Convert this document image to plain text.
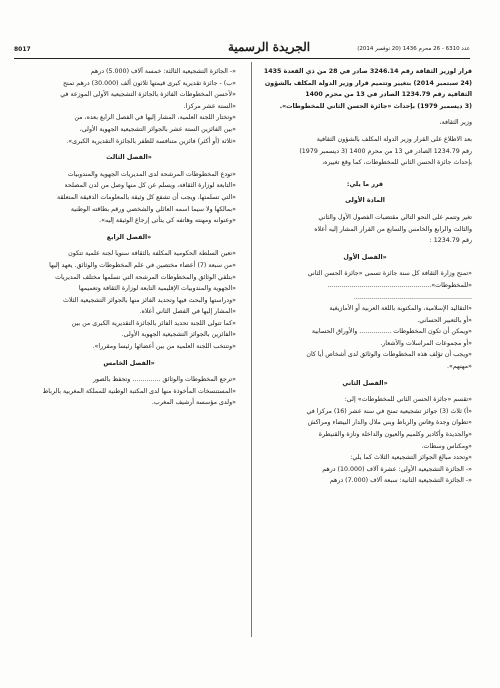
8017	الجريدة الرسمية	عدد 6310 - 26 محرم 1436 (20 نوفمبر 2014)
قرار لوزير الثقافة رقم 3246.14 صادر في 28 من ذي القعدة 1435
(24 سبتمبر 2014) بتغيير وتتميم قرار وزير الدولة المكلف بالشؤون
الثقافية رقم 1234.79 الصادر في 13 من محرم 1400
(3 ديسمبر 1979) بإحداث «جائزة الحسن الثاني للمخطوطات».
وزير الثقافة،
بعد الاطلاع على القرار وزير الدولة المكلف بالشؤون الثقافية
رقم 1234.79 الصادر في 13 من محرم 1400 (3 ديسمبر 1979)
بإحداث جائزة الحسن الثاني للمخطوطات، كما وقع تغييره،
قرر ما يلي:
المادة الأولى
تغير وتتمم على النحو التالي مقتضيات الفصول الأول والثاني
والثالث والرابع والخامس والسابع من القرار المشار إليه أعلاه
رقم 1234.79 :
«الفصل الأول
«تمنح وزارة الثقافة كل سنة جائزة تسمى «جائزة الحسن الثاني
«للمخطوطات»....................................................
...........................................................
«التقاليد الإسلامية، والمكتوبة باللغة العربية أو الأمازيغية
«أو بالتعبير الحساني.
«ويمكن أن تكون المخطوطات ................ والأوراق الحسابية
«أو مجموعات المراسلات والأشعار.
«ويجب أن تؤلف هذه المخطوطات والوثائق لدى أشخاص أيا كان
«مهنهم».
«الفصل الثاني
«تقسم «جائزة الحسن الثاني للمخطوطات» إلى:
«أ) ثلاث (3) جوائز تشجيعية تمنح في سنة عشر (16) مركزا في
«تطوان وجدة وفاس والرباط وبني ملال والدار البيضاء ومراكش
«والجديدة وأكادير وكلميم والعيون والداخلة وتازة والقنيطرة
«ومكناس وسطات.
«وتحدد مبالغ الجوائز التشجيعية الثلاث كما يلي:
«- الجائزة التشجيعية الأولى: عشرة آلاف (10.000) درهم
«- الجائزة التشجيعية الثانية: سبعة آلاف (7.000) درهم
«- الجائزة التشجيعية الثالثة: خمسة آلاف (5.000) درهم
«ب) - جائزة تقديرية كبرى قيمتها ثلاثون ألف (30.000) درهم تمنح
«لأحسن المخطوطات الفائزة بالجائزة التشجيعية الأولى الموزعة في
«الستة عشر مركزا.
«وتختار اللجنة العلمية، المشار إليها في الفصل الرابع بعده، من
«بين الفائزين الستة عشر بالجوائز التشجيعية الجهوية الأولى،
«ثلاثة (أو أكثر) فائزين متنافسة للظفر بالجائزة التقديرية الكبرى».
«الفصل الثالث
«تودع المخطوطات المرشحة لدى المديريات الجهوية والمندوبيات
«التابعة لوزارة الثقافة، ويسلم عن كل منها وصل من لدن المصلحة
«التي تسلمتها. ويجب أن تشفع كل وثيقة بالمعلومات الدقيقة المتعلقة
«بمالكها ولا سيما اسمه العائلي والشخصي ورقم بطاقته الوطنية
«وعنوانه ومهنته وهاتفه كي يتأتى إرجاع الوثيقة إليه».
«الفصل الرابع
«تعين السلطة الحكومية المكلفة بالثقافة سنويا لجنة علمية تتكون
«من سبعة (7) أعضاء مختصين في علم المخطوطات والوثائق. يعهد إليها
«بتلقي الوثائق والمخطوطات المرشحة التي تسلمها مختلف المديريات
«الجهوية والمندوبيات الإقليمية التابعة لوزارة الثقافة وتعميمها
«ودراستها والبحث فيها وتحديد الفائز منها بالجوائز التشجيعية الثلاث
«المشار إليها في الفصل الثاني أعلاه.
«كما تتولى اللجنة تحديد الفائز بالجائزة التقديرية الكبرى من بين
«الفائزين بالجوائز التشجيعية الجهوية الأولى.
«وتنتخب اللجنة العلمية من بين أعضائها رئيسا ومقررا».
«الفصل الخامس
«ترجع المخطوطات والوثائق .............. وتحفظ بالصور
«المستنسخات المأخوذة منها لدى المكتبة الوطنية للمملكة المغربية بالرباط
«ولدى مؤسسة أرشيف المغرب.
